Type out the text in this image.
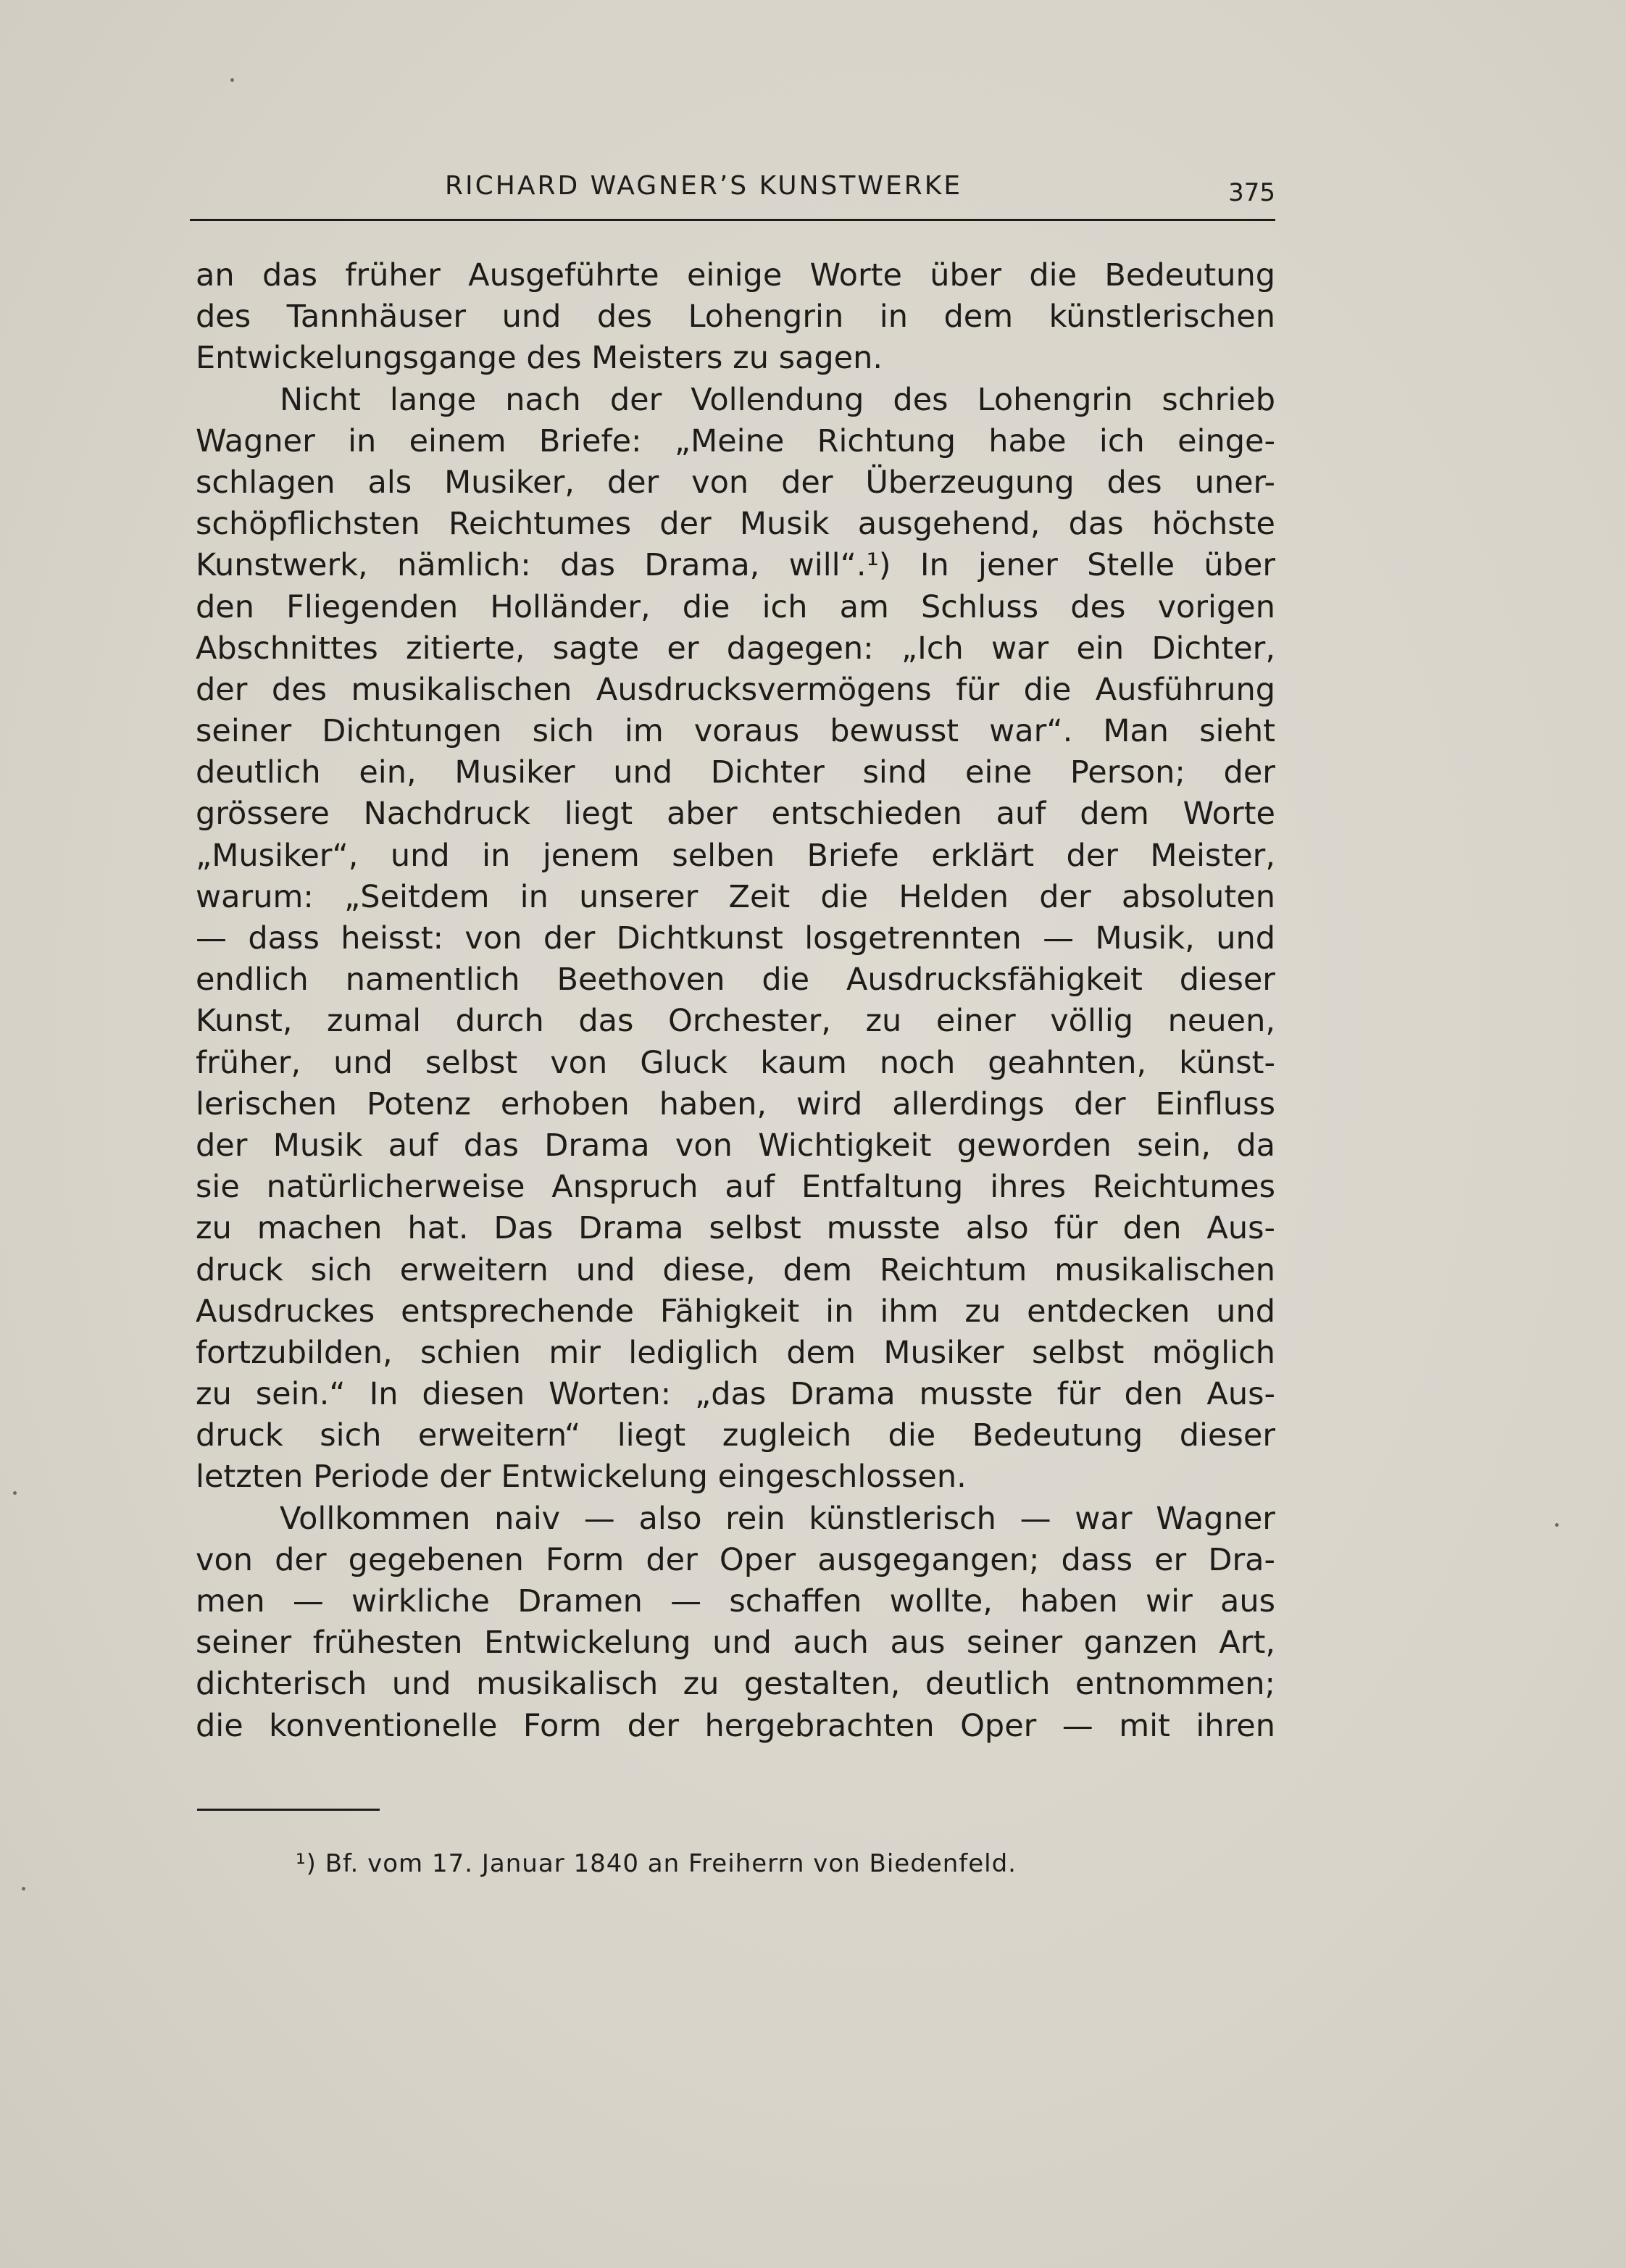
RICHARD WAGNER’S KUNSTWERKE	375
an das früher Ausgeführte einige Worte über die Bedeutung
des Tannhäuser und des Lohengrin in dem künstlerischen
Entwickelungsgange des Meisters zu sagen.
Nicht lange nach der Vollendung des Lohengrin schrieb
Wagner in einem Briefe: „Meine Richtung habe ich einge-
schlagen als Musiker, der von der Überzeugung des uner-
schöpflichsten Reichtumes der Musik ausgehend, das höchste
Kunstwerk, nämlich: das Drama, will“.¹) In jener Stelle über
den Fliegenden Holländer, die ich am Schluss des vorigen
Abschnittes zitierte, sagte er dagegen: „Ich war ein Dichter,
der des musikalischen Ausdrucksvermögens für die Ausführung
seiner Dichtungen sich im voraus bewusst war“. Man sieht
deutlich ein, Musiker und Dichter sind eine Person; der
grössere Nachdruck liegt aber entschieden auf dem Worte
„Musiker“, und in jenem selben Briefe erklärt der Meister,
warum: „Seitdem in unserer Zeit die Helden der absoluten
— dass heisst: von der Dichtkunst losgetrennten — Musik, und
endlich namentlich Beethoven die Ausdrucksfähigkeit dieser
Kunst, zumal durch das Orchester, zu einer völlig neuen,
früher, und selbst von Gluck kaum noch geahnten, künst-
lerischen Potenz erhoben haben, wird allerdings der Einfluss
der Musik auf das Drama von Wichtigkeit geworden sein, da
sie natürlicherweise Anspruch auf Entfaltung ihres Reichtumes
zu machen hat. Das Drama selbst musste also für den Aus-
druck sich erweitern und diese, dem Reichtum musikalischen
Ausdruckes entsprechende Fähigkeit in ihm zu entdecken und
fortzubilden, schien mir lediglich dem Musiker selbst möglich
zu sein.“ In diesen Worten: „das Drama musste für den Aus-
druck sich erweitern“ liegt zugleich die Bedeutung dieser
letzten Periode der Entwickelung eingeschlossen.
Vollkommen naiv — also rein künstlerisch — war Wagner
von der gegebenen Form der Oper ausgegangen; dass er Dra-
men — wirkliche Dramen — schaffen wollte, haben wir aus
seiner frühesten Entwickelung und auch aus seiner ganzen Art,
dichterisch und musikalisch zu gestalten, deutlich entnommen;
die konventionelle Form der hergebrachten Oper — mit ihren
¹) Bf. vom 17. Januar 1840 an Freiherrn von Biedenfeld.
